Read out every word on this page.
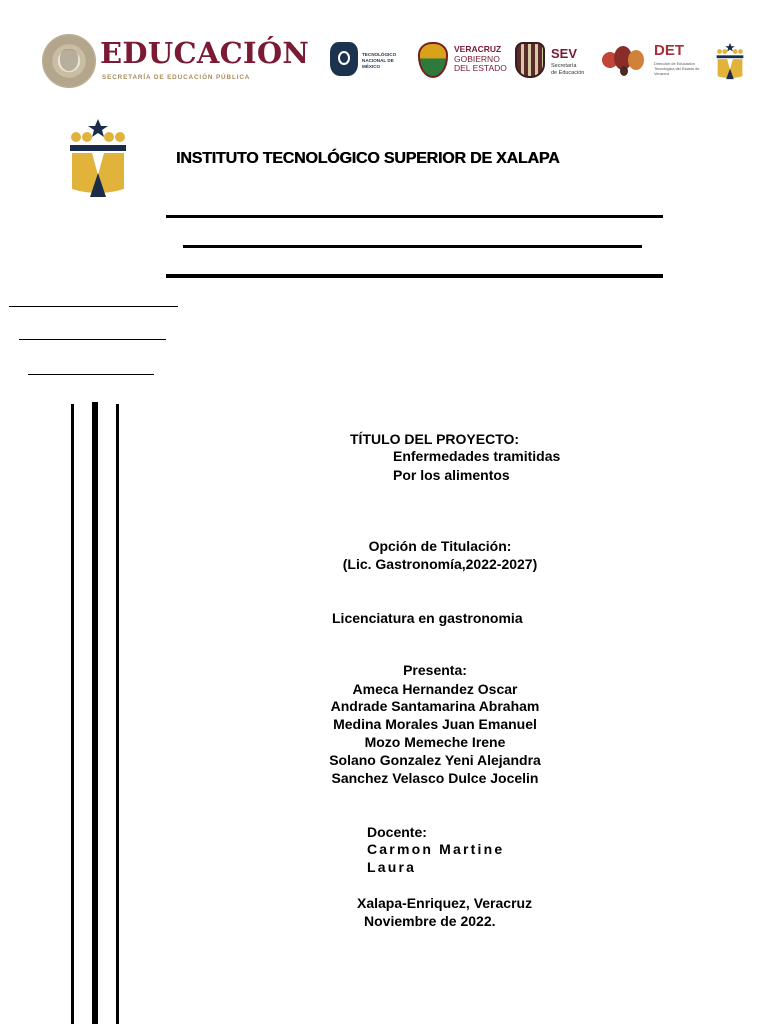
EDUCACIÓN
SECRETARÍA DE EDUCACIÓN PÚBLICA
TECNOLÓGICO NACIONAL DE MÉXICO
VERACRUZ
GOBIERNO
DEL ESTADO
SEV
Secretaría
de Educación
DET
Dirección de Educación Tecnológica del Estado de Veracruz
INSTITUTO TECNOLÓGICO SUPERIOR DE XALAPA
TÍTULO DEL PROYECTO:
Enfermedades tramitidas
Por los alimentos
Opción de Titulación:
(Lic. Gastronomía,2022-2027)
Licenciatura en gastronomia
Presenta:
Ameca Hernandez Oscar
Andrade Santamarina Abraham
Medina Morales Juan Emanuel
Mozo Memeche Irene
Solano Gonzalez Yeni Alejandra
Sanchez Velasco Dulce Jocelin
Docente:
Carmon Martine
Laura
Xalapa-Enriquez, Veracruz
Noviembre de 2022.
